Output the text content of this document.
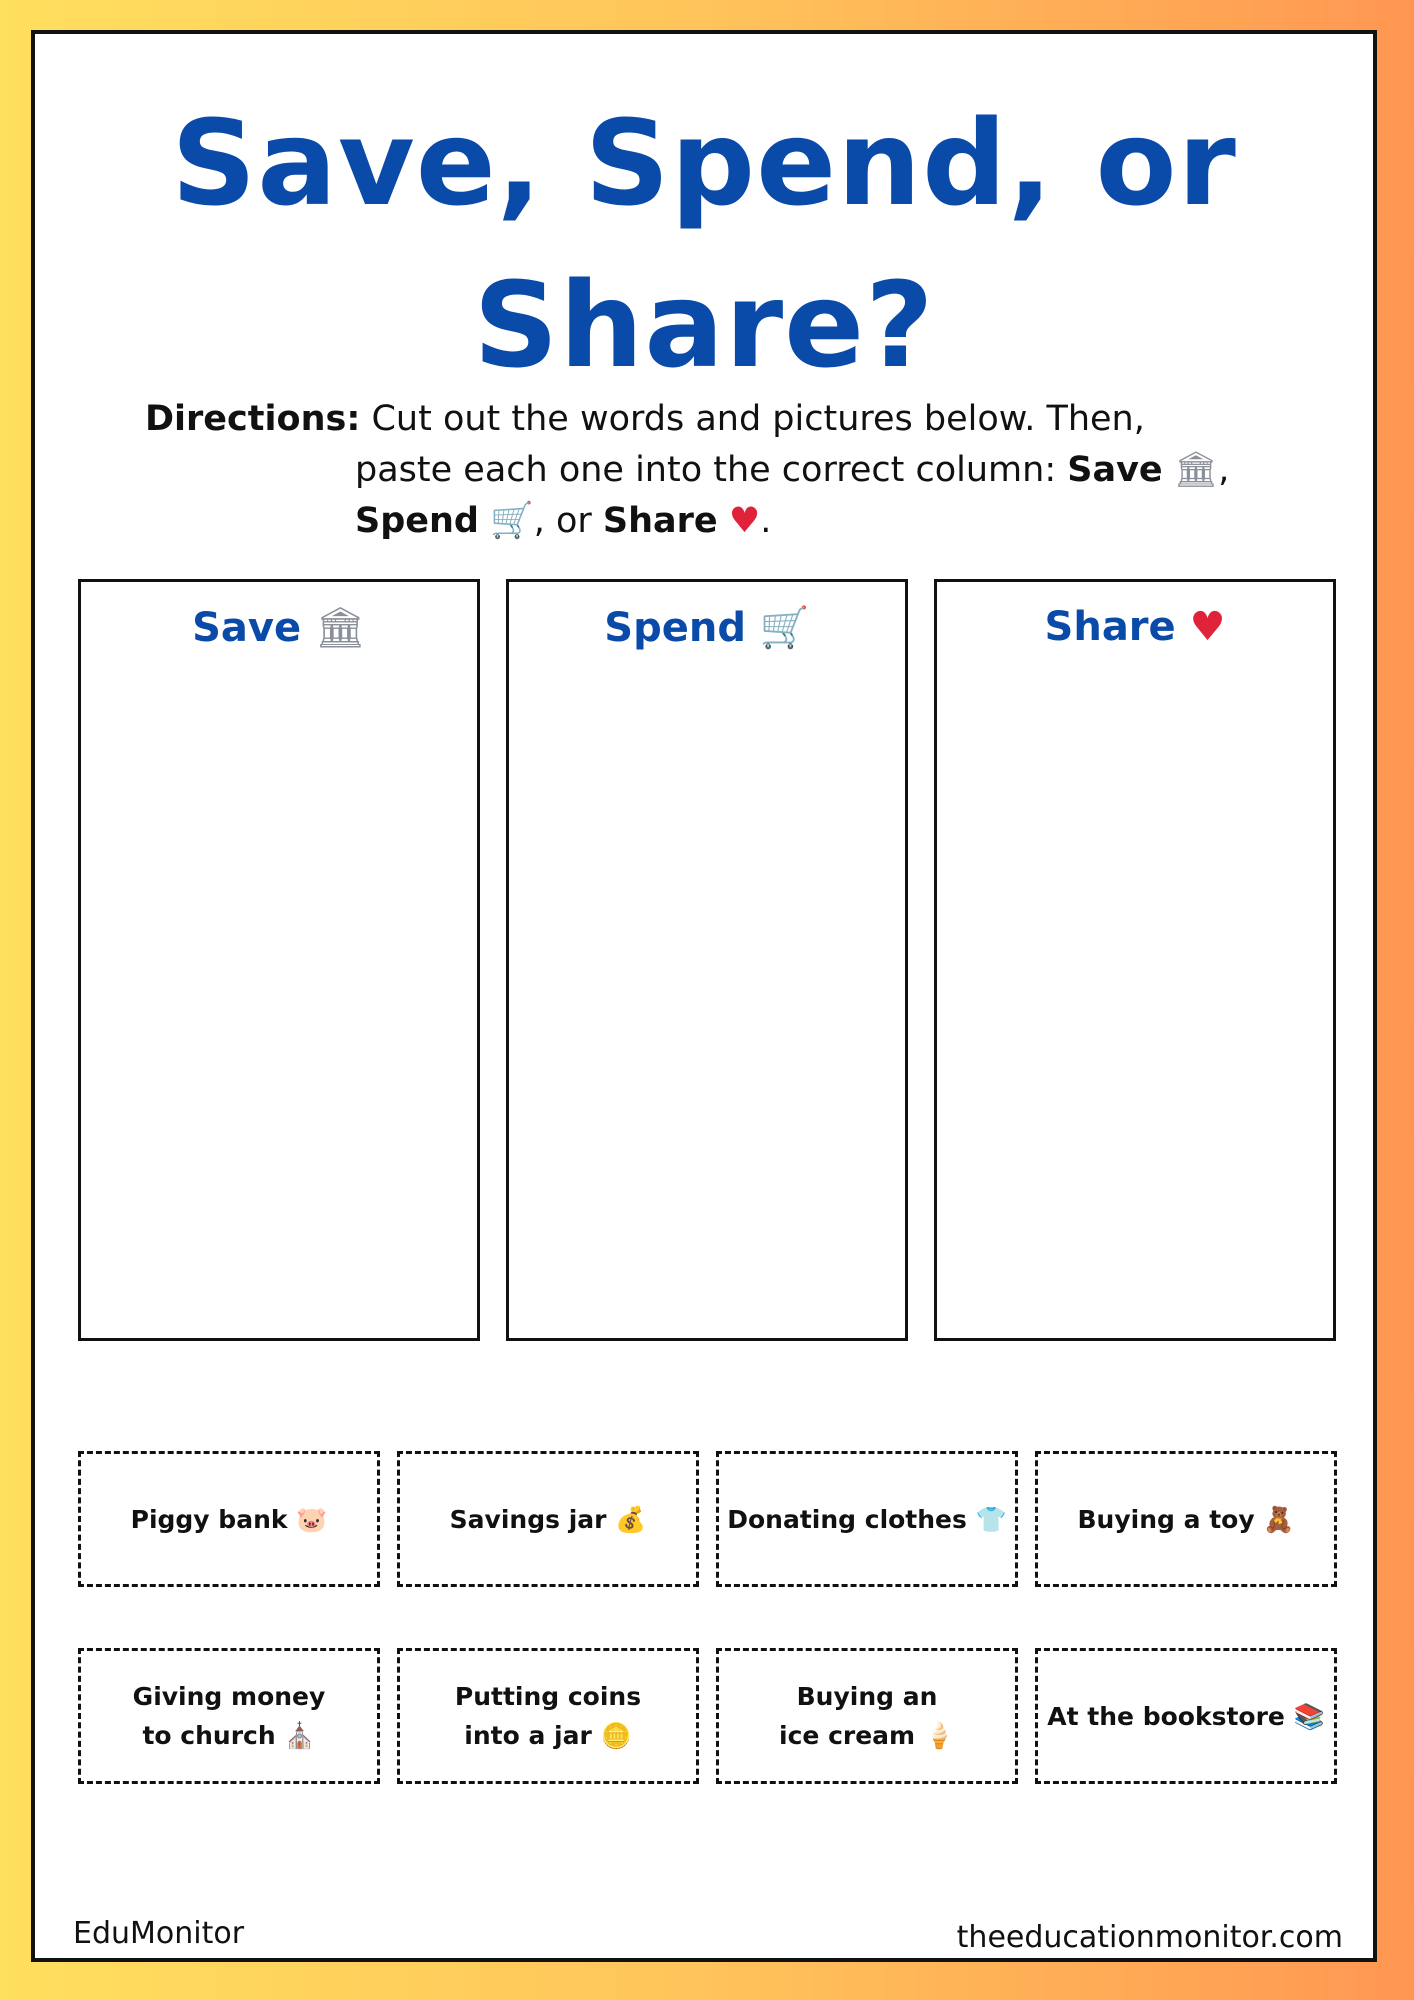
Save, Spend, or
Share?
Directions: Cut out the words and pictures below. Then,
paste each one into the correct column: Save 🏛,
Spend 🛒, or Share ♥.
Save 🏛	Spend 🛒	Share ♥
Piggy bank 🐷	Savings jar 💰	Donating clothes 👕	Buying a toy 🧸
Giving money
to church ⛪
Putting coins
into a jar 🪙
Buying an
ice cream 🍦
At the bookstore 📚
EduMonitor	theeducationmonitor.com
